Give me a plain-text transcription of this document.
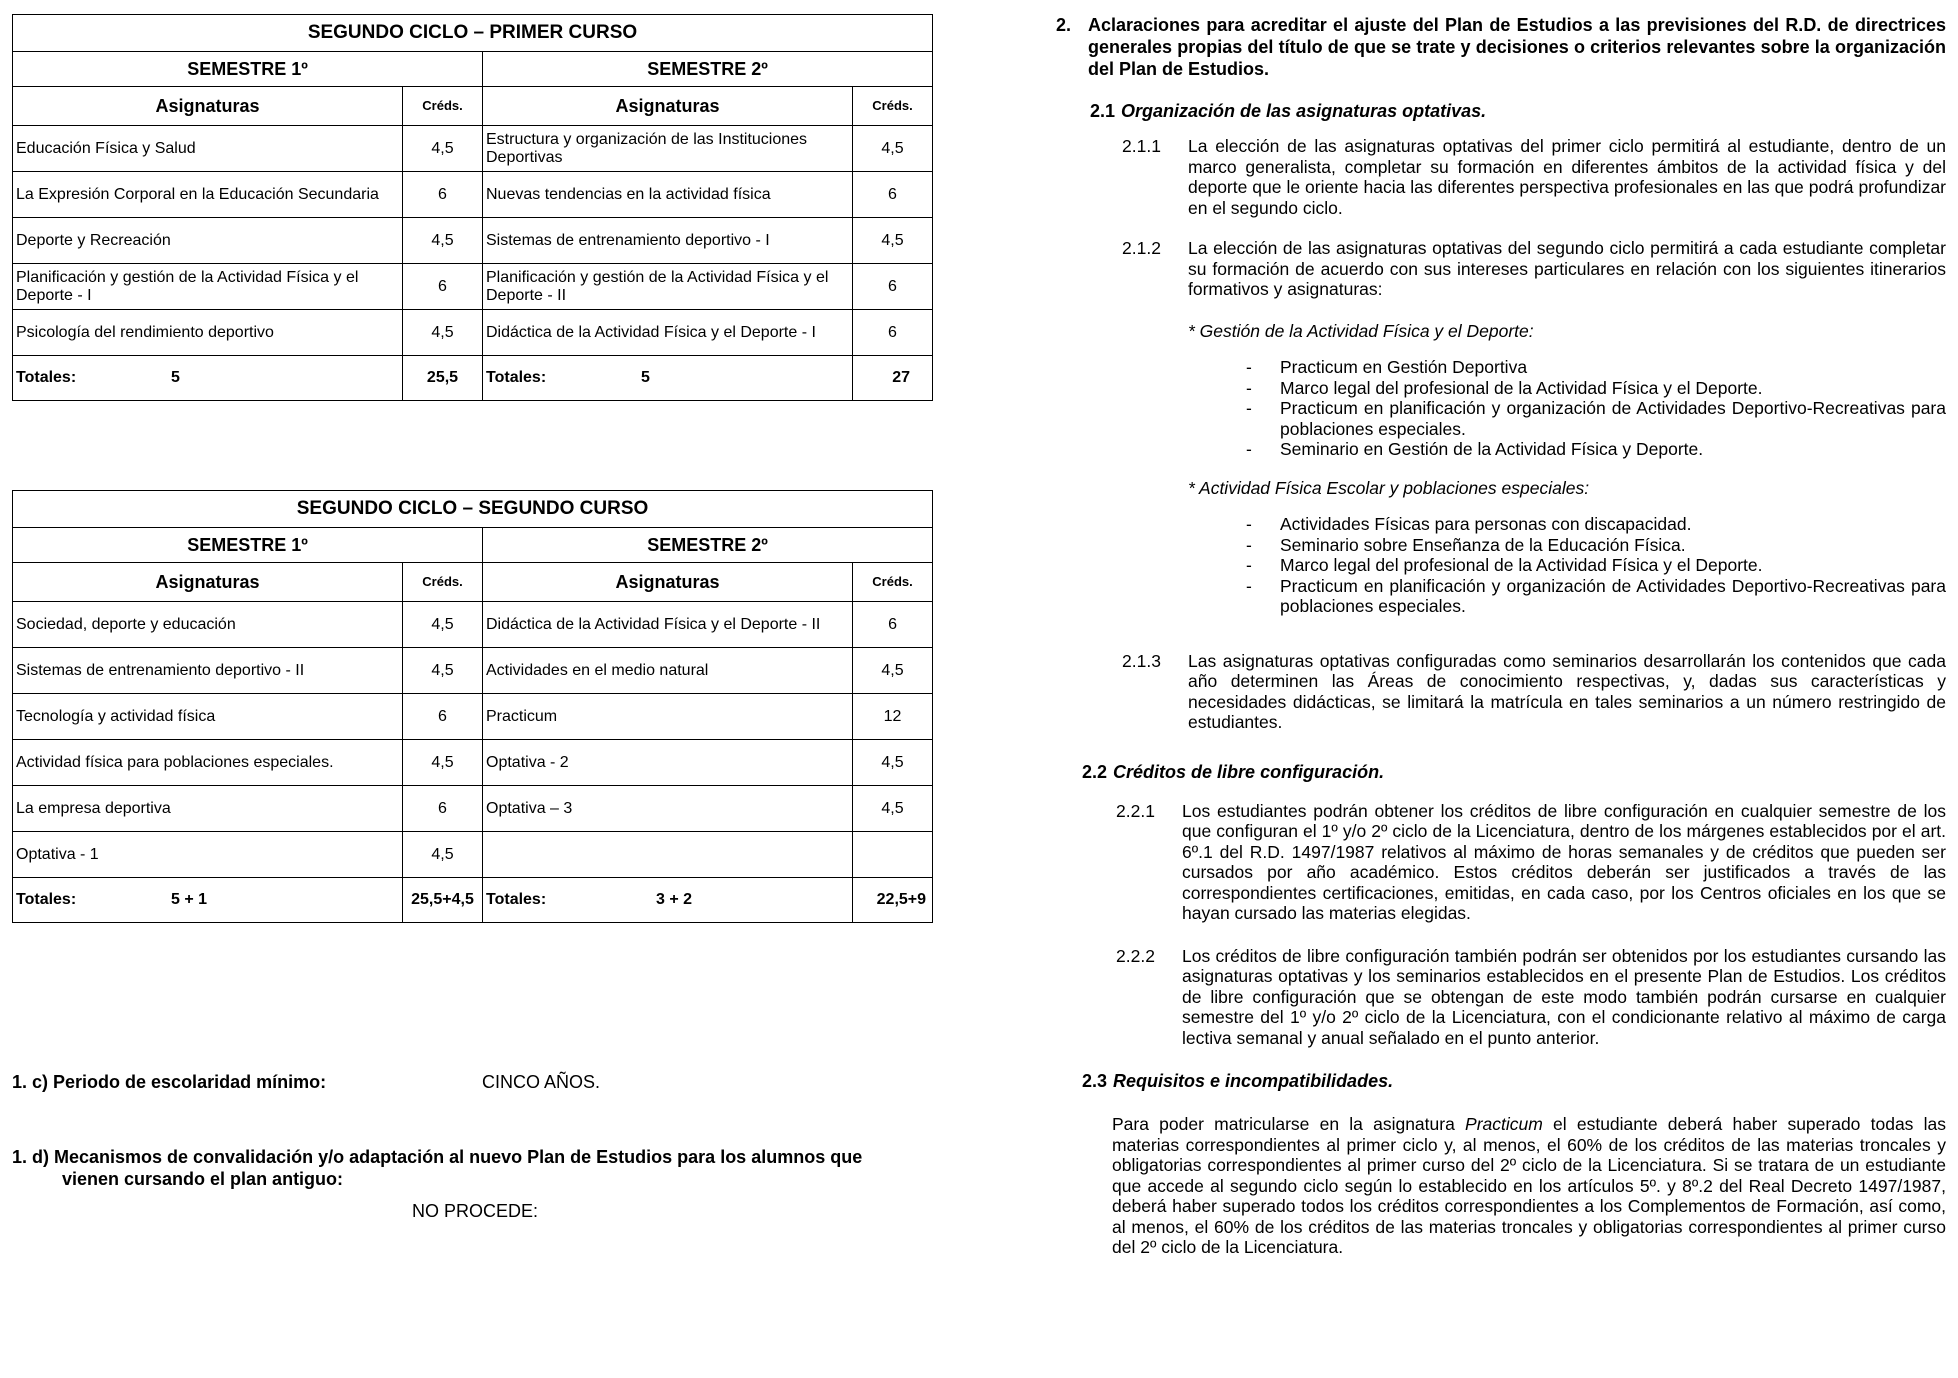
SEGUNDO CICLO – PRIMER CURSO			
SEMESTRE 1º		SEMESTRE 2º	
Asignaturas	Créds.	Asignaturas	Créds.
Educación Física y Salud	4,5	Estructura y organización de las Instituciones Deportivas	4,5
La Expresión Corporal en la Educación Secundaria	6	Nuevas tendencias en la actividad física	6
Deporte y Recreación	4,5	Sistemas de entrenamiento deportivo - I	4,5
Planificación y gestión de la Actividad Física y el Deporte - I	6	Planificación y gestión de la Actividad Física y el Deporte - II	6
Psicología del rendimiento deportivo	4,5	Didáctica de la Actividad Física y el Deporte - I	6
Totales: 5	25,5	Totales: 5	27
SEGUNDO CICLO – SEGUNDO CURSO			
SEMESTRE 1º		SEMESTRE 2º	
Asignaturas	Créds.	Asignaturas	Créds.
Sociedad, deporte y educación	4,5	Didáctica de la Actividad Física y el Deporte - II	6
Sistemas de entrenamiento deportivo - II	4,5	Actividades en el medio natural	4,5
Tecnología y actividad física	6	Practicum	12
Actividad física para poblaciones especiales.	4,5	Optativa - 2	4,5
La empresa deportiva	6	Optativa – 3	4,5
Optativa - 1	4,5		
Totales: 5 + 1	25,5+4,5	Totales: 3 + 2	22,5+9
1. c) Periodo de escolaridad mínimo:	CINCO AÑOS.
1. d) Mecanismos de convalidación y/o adaptación al nuevo Plan de Estudios para los alumnos que
vienen cursando el plan antiguo:
NO PROCEDE:
2. Aclaraciones para acreditar el ajuste del Plan de Estudios a las previsiones del R.D. de directrices generales propias del título de que se trate y decisiones o criterios relevantes sobre la organización del Plan de Estudios.
2.1 Organización de las asignaturas optativas.
2.1.1	La elección de las asignaturas optativas del primer ciclo permitirá al estudiante, dentro de un marco generalista, completar su formación en diferentes ámbitos de la actividad física y del deporte que le oriente hacia las diferentes perspectiva profesionales en las que podrá profundizar en el segundo ciclo.
2.1.2	La elección de las asignaturas optativas del segundo ciclo permitirá a cada estudiante completar su formación de acuerdo con sus intereses particulares en relación con los siguientes itinerarios formativos y asignaturas:
* Gestión de la Actividad Física y el Deporte:
-	Practicum en Gestión Deportiva
-	Marco legal del profesional de la Actividad Física y el Deporte.
-	Practicum en planificación y organización de Actividades Deportivo-Recreativas para poblaciones especiales.
-	Seminario en Gestión de la Actividad Física y Deporte.
* Actividad Física Escolar y poblaciones especiales:
-	Actividades Físicas para personas con discapacidad.
-	Seminario sobre Enseñanza de la Educación Física.
-	Marco legal del profesional de la Actividad Física y el Deporte.
-	Practicum en planificación y organización de Actividades Deportivo-Recreativas para poblaciones especiales.
2.1.3	Las asignaturas optativas configuradas como seminarios desarrollarán los contenidos que cada año determinen las Áreas de conocimiento respectivas, y, dadas sus características y necesidades didácticas, se limitará la matrícula en tales seminarios a un número restringido de estudiantes.
2.2 Créditos de libre configuración.
2.2.1	Los estudiantes podrán obtener los créditos de libre configuración en cualquier semestre de los que configuran el 1º y/o 2º ciclo de la Licenciatura, dentro de los márgenes establecidos por el art. 6º.1 del R.D. 1497/1987 relativos al máximo de horas semanales y de créditos que pueden ser cursados por año académico. Estos créditos deberán ser justificados a través de las correspondientes certificaciones, emitidas, en cada caso, por los Centros oficiales en los que se hayan cursado las materias elegidas.
2.2.2	Los créditos de libre configuración también podrán ser obtenidos por los estudiantes cursando las asignaturas optativas y los seminarios establecidos en el presente Plan de Estudios. Los créditos de libre configuración que se obtengan de este modo también podrán cursarse en cualquier semestre del 1º y/o 2º ciclo de la Licenciatura, con el condicionante relativo al máximo de carga lectiva semanal y anual señalado en el punto anterior.
2.3 Requisitos e incompatibilidades.
Para poder matricularse en la asignatura Practicum el estudiante deberá haber superado todas las materias correspondientes al primer ciclo y, al menos, el 60% de los créditos de las materias troncales y obligatorias correspondientes al primer curso del 2º ciclo de la Licenciatura. Si se tratara de un estudiante que accede al segundo ciclo según lo establecido en los artículos 5º. y 8º.2 del Real Decreto 1497/1987, deberá haber superado todos los créditos correspondientes a los Complementos de Formación, así como, al menos, el 60% de los créditos de las materias troncales y obligatorias correspondientes al primer curso del 2º ciclo de la Licenciatura.
